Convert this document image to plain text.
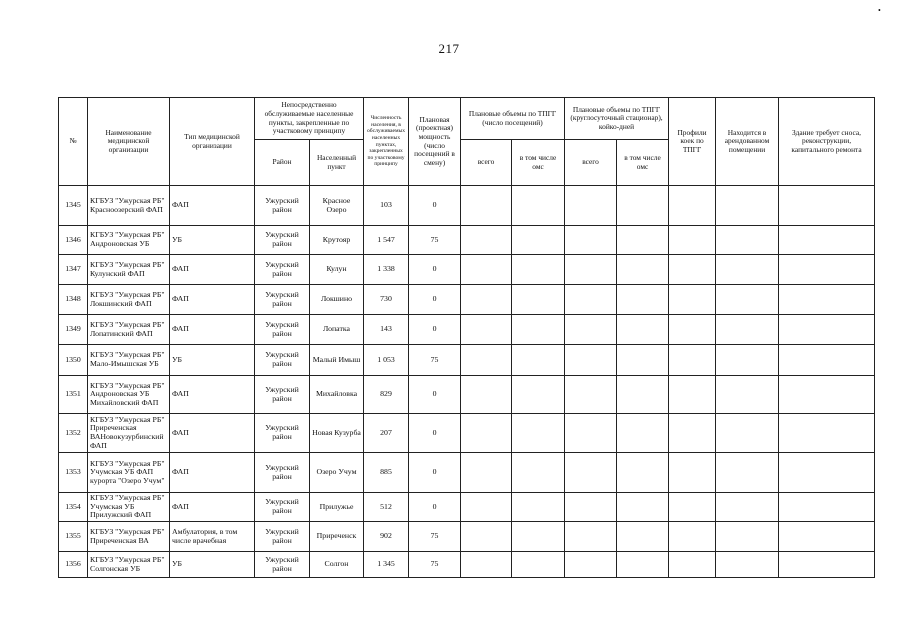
217
•
№	Наименование медицинской организации	Тип медицинской организации	Непосредственно обслуживаемые населенные пункты, закрепленные по участковому принципу		Численность населения, в обслуживаемых населенных пунктах, закрепленных по участковому принципу	Плановая (проектная) мощность (число посещений в смену)	Плановые объемы по ТПГГ (число посещений)		Плановые объемы по ТПГГ (круглосуточный стационар), койко-дней		Профили коек по ТПГГ	Находится в арендованном помещении	Здание требует сноса, реконструкции, капитального ремонта
			Район	Населенный пункт			всего	в том числе омс	всего	в том числе омс			
1345	КГБУЗ "Ужурская РБ" Красноозерский ФАП	ФАП	Ужурский район	Красное Озеро	103	0							
1346	КГБУЗ "Ужурская РБ" Андроновская УБ	УБ	Ужурский район	Крутояр	1 547	75							
1347	КГБУЗ "Ужурская РБ" Кулунский ФАП	ФАП	Ужурский район	Кулун	1 338	0							
1348	КГБУЗ "Ужурская РБ" Локшинский ФАП	ФАП	Ужурский район	Локшино	730	0							
1349	КГБУЗ "Ужурская РБ" Лопатинский ФАП	ФАП	Ужурский район	Лопатка	143	0							
1350	КГБУЗ "Ужурская РБ" Мало-Имышская УБ	УБ	Ужурский район	Малый Имыш	1 053	75							
1351	КГБУЗ "Ужурская РБ" Андроновская УБ Михайловский ФАП	ФАП	Ужурский район	Михайловка	829	0							
1352	КГБУЗ "Ужурская РБ" Приреченская ВАНовокузурбинский ФАП	ФАП	Ужурский район	Новая Кузурба	207	0							
1353	КГБУЗ "Ужурская РБ" Учумская УБ ФАП курорта "Озеро Учум"	ФАП	Ужурский район	Озеро Учум	885	0							
1354	КГБУЗ "Ужурская РБ" Учумская УБ Прилужский ФАП	ФАП	Ужурский район	Прилужье	512	0							
1355	КГБУЗ "Ужурская РБ" Приреченская ВА	Амбулатория, в том числе врачебная	Ужурский район	Приреченск	902	75							
1356	КГБУЗ "Ужурская РБ" Солгонская УБ	УБ	Ужурский район	Солгон	1 345	75							
